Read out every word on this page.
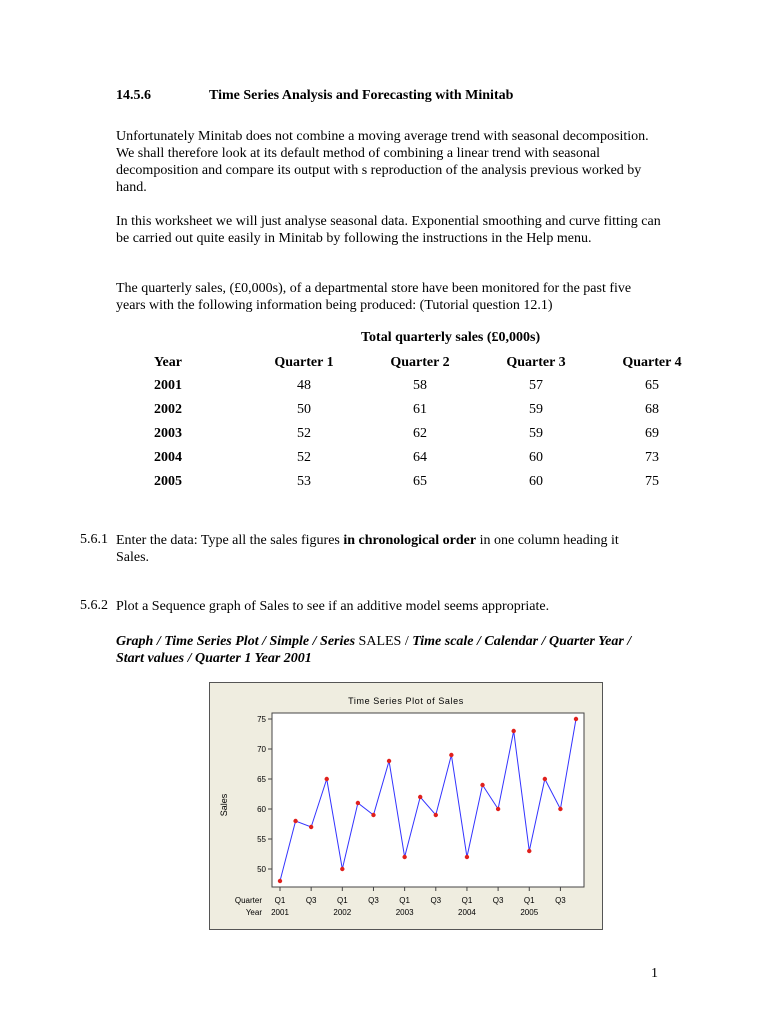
14.5.6	Time Series Analysis and Forecasting with Minitab

Unfortunately Minitab does not combine a moving average trend with seasonal decomposition. We shall therefore look at its default method of combining a linear trend with seasonal decomposition and compare its output with s reproduction of the analysis previous worked by hand.

In this worksheet we will just analyse seasonal data. Exponential smoothing and curve fitting can be carried out quite easily in Minitab by following the instructions in the Help menu.

The quarterly sales, (£0,000s), of a departmental store have been monitored for the past five years with the following information being produced: (Tutorial question 12.1)

Total quarterly sales (£0,000s)
Year	Quarter 1	Quarter 2	Quarter 3	Quarter 4
2001	48	58	57	65
2002	50	61	59	68
2003	52	62	59	69
2004	52	64	60	73
2005	53	65	60	75
5.6.1 Enter the data: Type all the sales figures in chronological order in one column heading it Sales.

5.6.2 Plot a Sequence graph of Sales to see if an additive model seems appropriate.

Graph / Time Series Plot / Simple / Series SALES / Time scale / Calendar / Quarter Year / Start values / Quarter 1 Year 2001

Time Series Plot of Sales
Sales
50
55
60
65
70
75
Quarter
Year
Q1	Q3	Q1	Q3	Q1	Q3	Q1	Q3	Q1	Q3
2001	2002	2003	2004	2005
1
